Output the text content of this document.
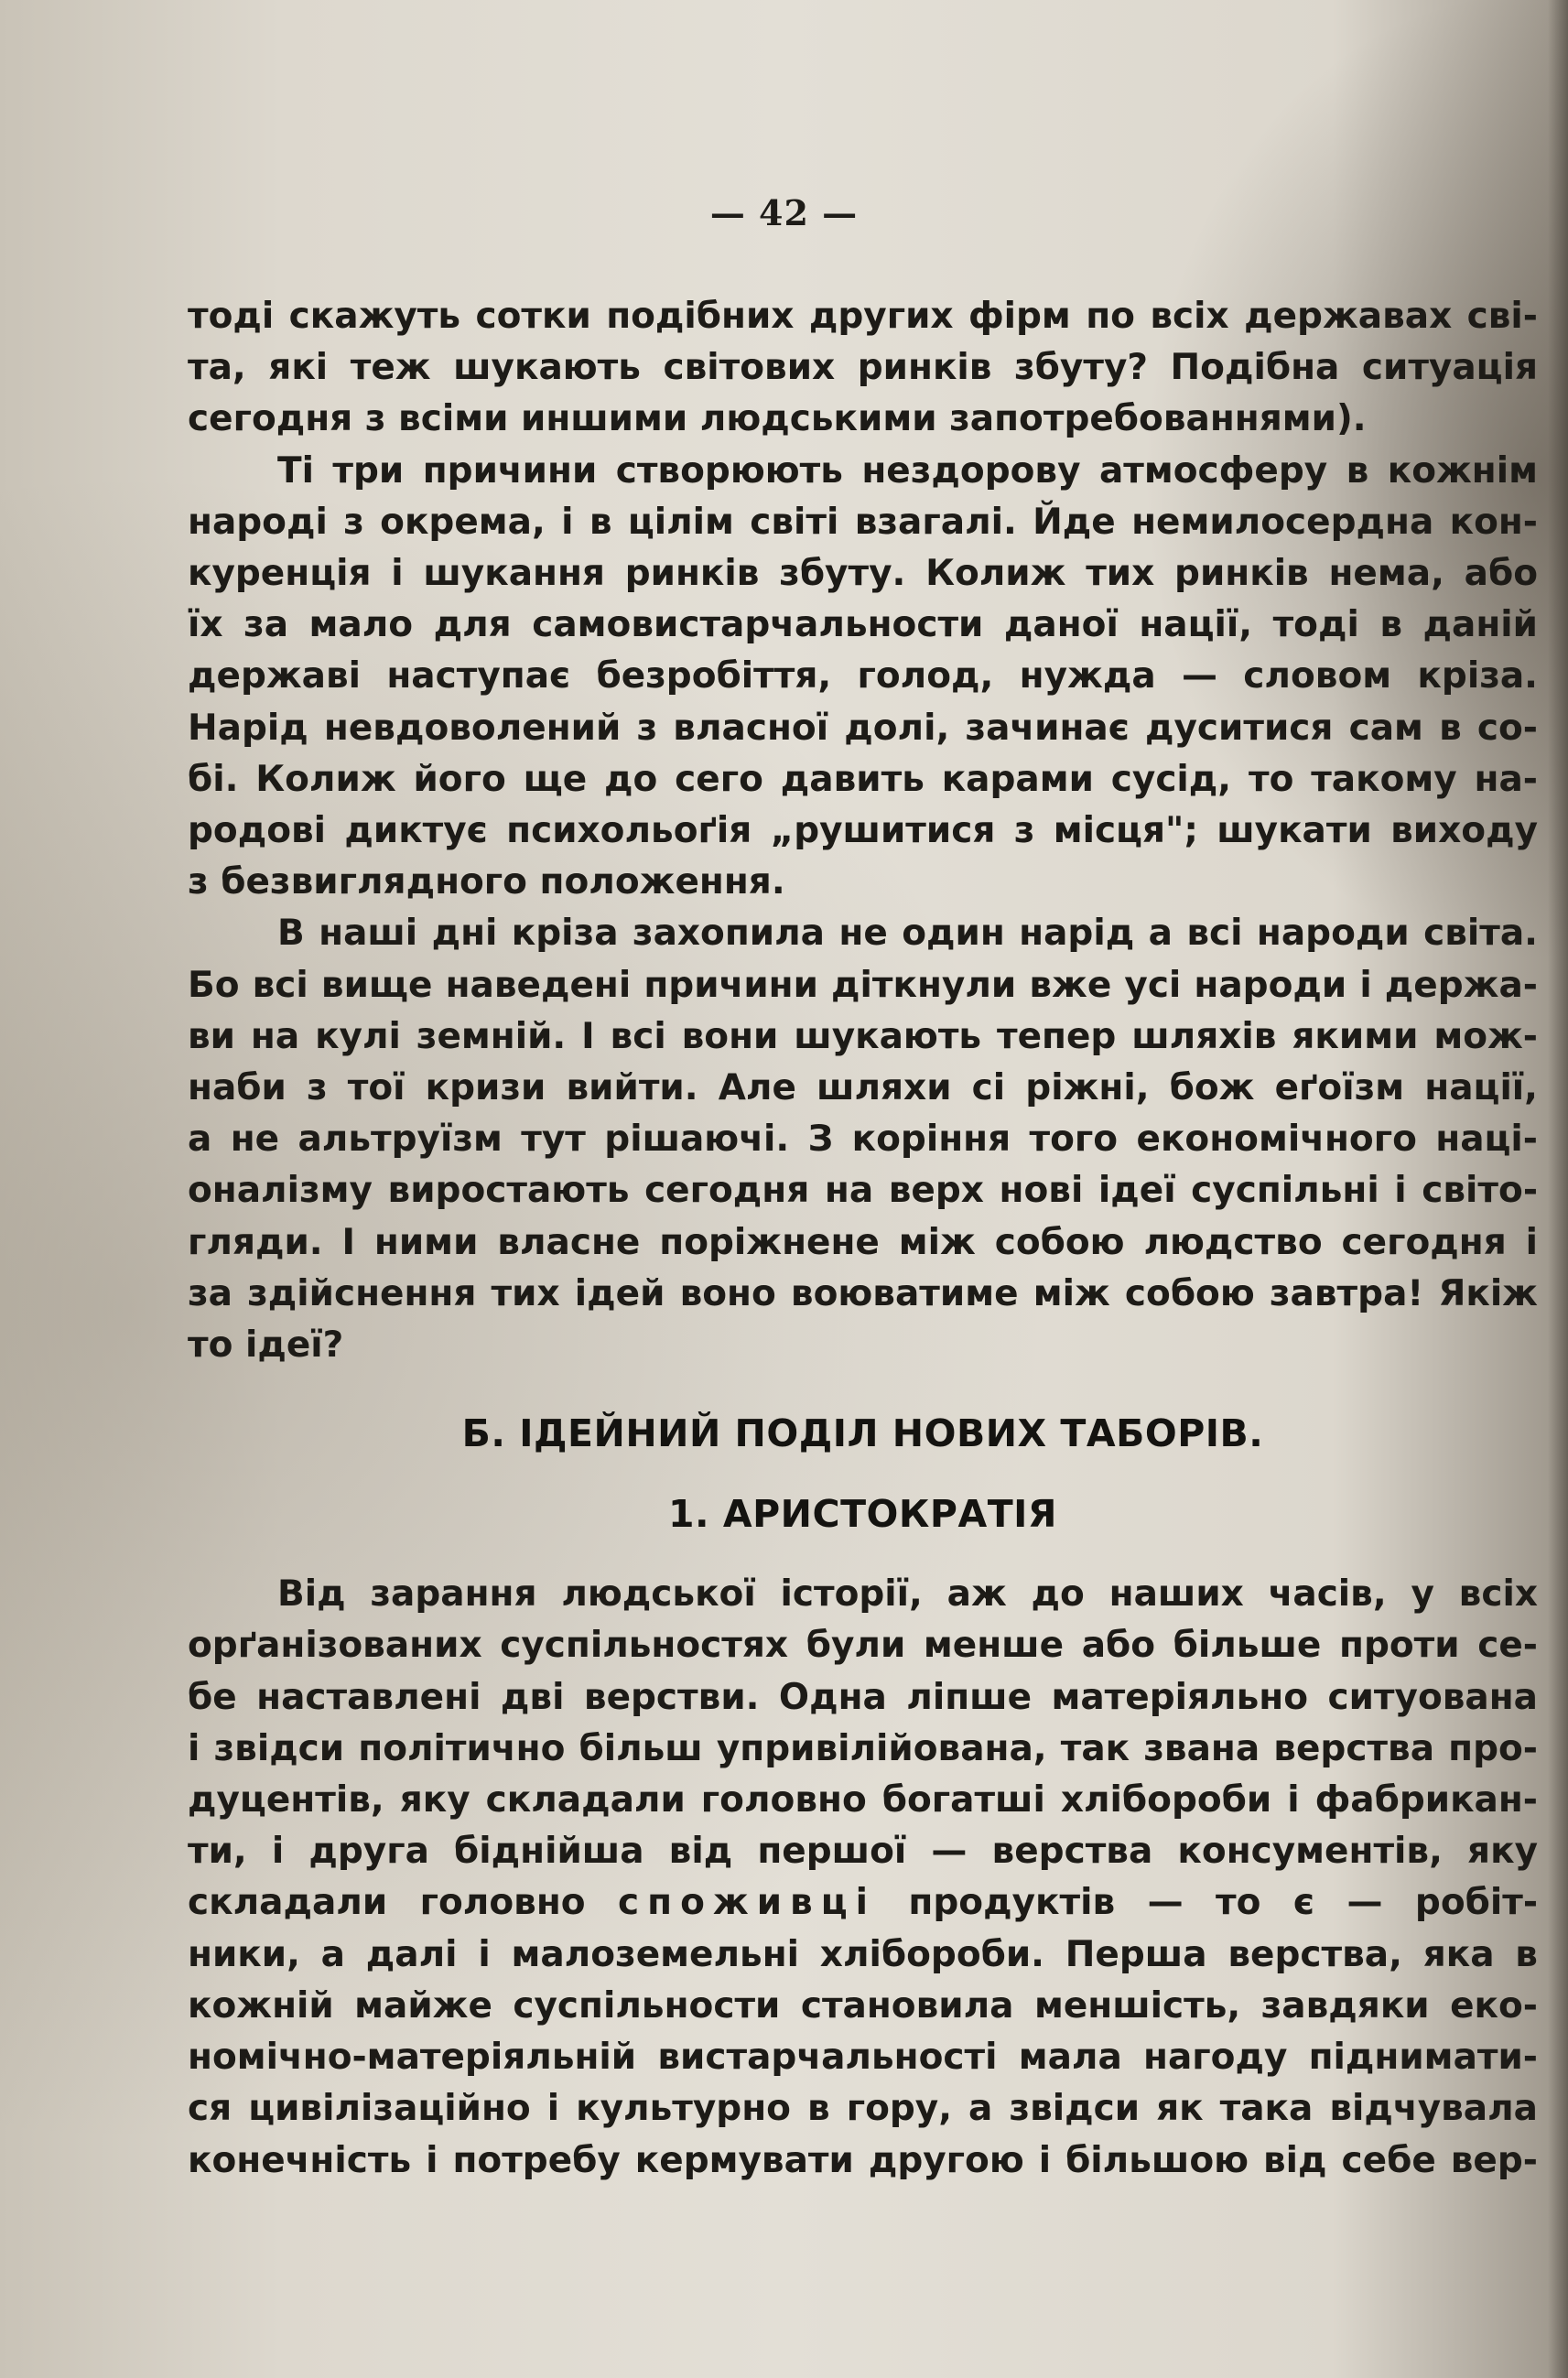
— 42 —

тоді скажуть сотки подібних других фірм по всіх державах сві-
та, які теж шукають світових ринків збуту? Подібна ситуація
сегодня з всіми иншими людськими запотребованнями).

Ті три причини створюють нездорову атмосферу в кожнім
народі з окрема, і в цілім світі взагалі. Йде немилосердна кон-
куренція і шукання ринків збуту. Колиж тих ринків нема, або
їх за мало для самовистарчальности даної нації, тоді в даній
державі наступає безробіття, голод, нужда — словом кріза.
Нарід невдоволений з власної долі, зачинає дуситися сам в со-
бі. Колиж його ще до сего давить карами сусід, то такому на-
родові диктує психольоґія „рушитися з місця"; шукати виходу
з безвиглядного положення.

В наші дні кріза захопила не один нарід а всі народи світа.
Бо всі вище наведені причини діткнули вже усі народи і держа-
ви на кулі земній. І всі вони шукають тепер шляхів якими мож-
наби з тої кризи вийти. Але шляхи сі ріжні, бож еґоїзм нації,
а не альтруїзм тут рішаючі. З коріння того економічного наці-
оналізму виростають сегодня на верх нові ідеї суспільні і світо-
гляди. І ними власне поріжнене між собою людство сегодня і
за здійснення тих ідей воно воюватиме між собою завтра! Якіж
то ідеї?

Б. ІДЕЙНИЙ ПОДІЛ НОВИХ ТАБОРІВ.
1. АРИСТОКРАТІЯ

Від зарання людської історії, аж до наших часів, у всіх
орґанізованих суспільностях були менше або більше проти се-
бе наставлені дві верстви. Одна ліпше матеріяльно ситуована
і звідси політично більш упривілійована, так звана верства про-
дуцентів, яку складали головно богатші хлібороби і фабрикан-
ти, і друга біднійша від першої — верства консументів, яку
складали головно споживці продуктів — то є — робіт-
ники, а далі і малоземельні хлібороби. Перша верства, яка в
кожній майже суспільности становила меншість, завдяки еко-
номічно-матеріяльній вистарчальності мала нагоду піднимати-
ся цивілізаційно і культурно в гору, а звідси як така відчувала
конечність і потребу кермувати другою і більшою від себе вер-
